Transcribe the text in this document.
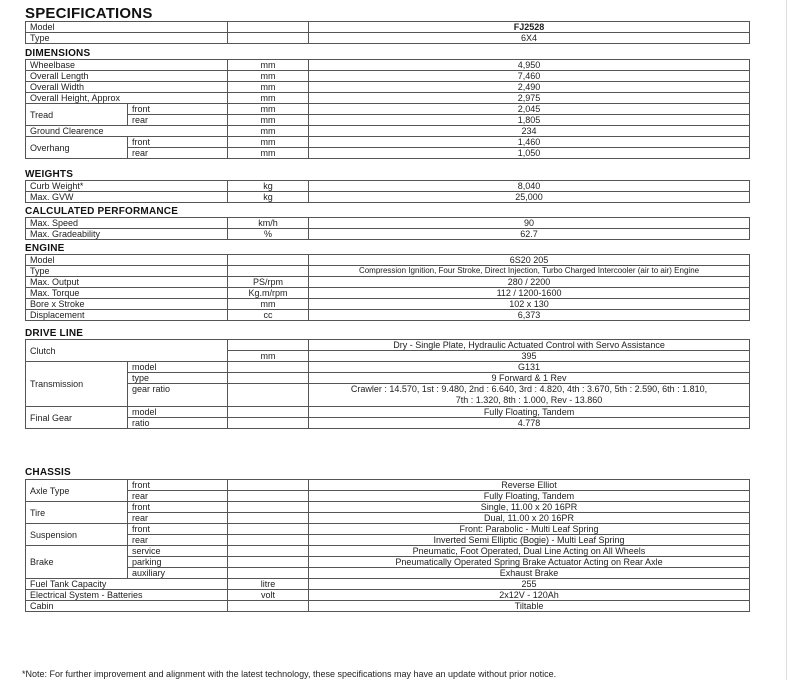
SPECIFICATIONS
Model		FJ2528
Type		6X4
DIMENSIONS
Wheelbase		mm	4,950
Overall Length		mm	7,460
Overall Width		mm	2,490
Overall Height, Approx		mm	2,975
Tread	front	mm	2,045
	rear	mm	1,805
Ground Clearence		mm	234
Overhang	front	mm	1,460
	rear	mm	1,050
WEIGHTS
Curb Weight*	kg	8,040
Max. GVW	kg	25,000
CALCULATED PERFORMANCE
Max. Speed	km/h	90
Max. Gradeability	%	62.7
ENGINE
Model		6S20 205
Type		Compression Ignition, Four Stroke, Direct Injection, Turbo Charged Intercooler (air to air) Engine
Max. Output	PS/rpm	280 / 2200
Max. Torque	Kg.m/rpm	112 / 1200-1600
Bore x Stroke	mm	102 x 130
Displacement	cc	6,373
DRIVE LINE
Clutch			Dry - Single Plate, Hydraulic Actuated Control with Servo Assistance
		mm	395
Transmission	model		G131
	type		9 Forward & 1 Rev
	gear ratio		Crawler : 14.570, 1st : 9.480, 2nd : 6.640, 3rd : 4.820, 4th : 3.670, 5th : 2.590, 6th : 1.810,
7th : 1.320, 8th : 1.000, Rev - 13.860

Final Gear	model		Fully Floating, Tandem
	ratio		4.778
CHASSIS
Axle Type	front		Reverse Elliot
	rear		Fully Floating, Tandem
Tire	front		Single, 11.00 x 20 16PR
	rear		Dual, 11.00 x 20 16PR
Suspension	front		Front: Parabolic - Multi Leaf Spring
	rear		Inverted Semi Elliptic (Bogie) - Multi Leaf Spring
Brake	service		Pneumatic, Foot Operated, Dual Line Acting on All Wheels
	parking		Pneumatically Operated Spring Brake Actuator Acting on Rear Axle
	auxiliary		Exhaust Brake
Fuel Tank Capacity		litre	255
Electrical System - Batteries		volt	2x12V - 120Ah
Cabin			Tiltable
*Note: For further improvement and alignment with the latest technology, these specifications may have an update without prior notice.
